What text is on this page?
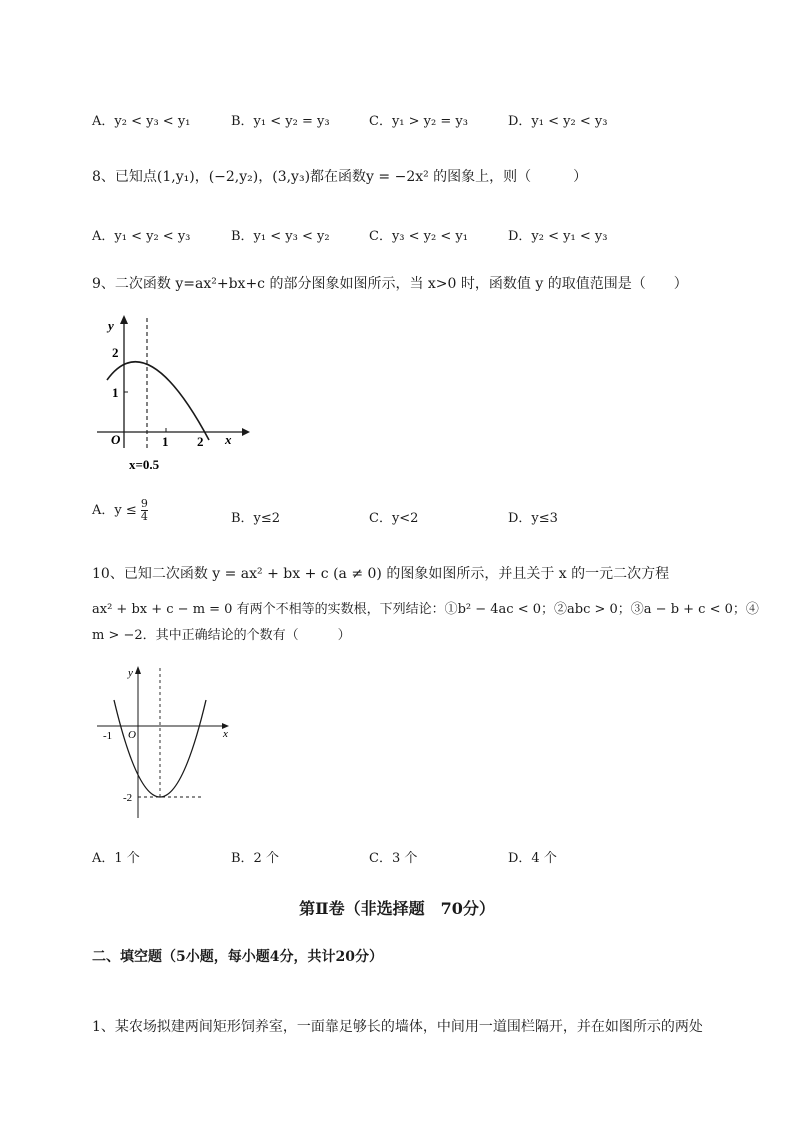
A．y₂ < y₃ < y₁	B．y₁ < y₂ = y₃	C．y₁ > y₂ = y₃	D．y₁ < y₂ < y₃
8、已知点(1,y₁)，(−2,y₂)，(3,y₃)都在函数y = −2x² 的图象上，则（　　　）
A．y₁ < y₂ < y₃	B．y₁ < y₃ < y₂	C．y₃ < y₂ < y₁	D．y₂ < y₁ < y₃
9、二次函数 y=ax²+bx+c 的部分图象如图所示，当 x>0 时，函数值 y 的取值范围是（　　）
y
2
1
O	1 2 x
x=0.5
A．$y \le \frac{9}{4}$	B．y≤2	C．y<2	D．y≤3
10、已知二次函数 y = ax² + bx + c (a ≠ 0) 的图象如图所示，并且关于 x 的一元二次方程
ax² + bx + c − m = 0 有两个不相等的实数根，下列结论：①b² − 4ac < 0；②abc > 0；③a − b + c < 0；④
m > −2．其中正确结论的个数有（　　　）
y
-1 O	x
-2
A．1 个	B．2 个	C．3 个	D．4 个
第Ⅱ卷（非选择题　70分）
二、填空题（5小题，每小题4分，共计20分）
1、某农场拟建两间矩形饲养室，一面靠足够长的墙体，中间用一道围栏隔开，并在如图所示的两处
